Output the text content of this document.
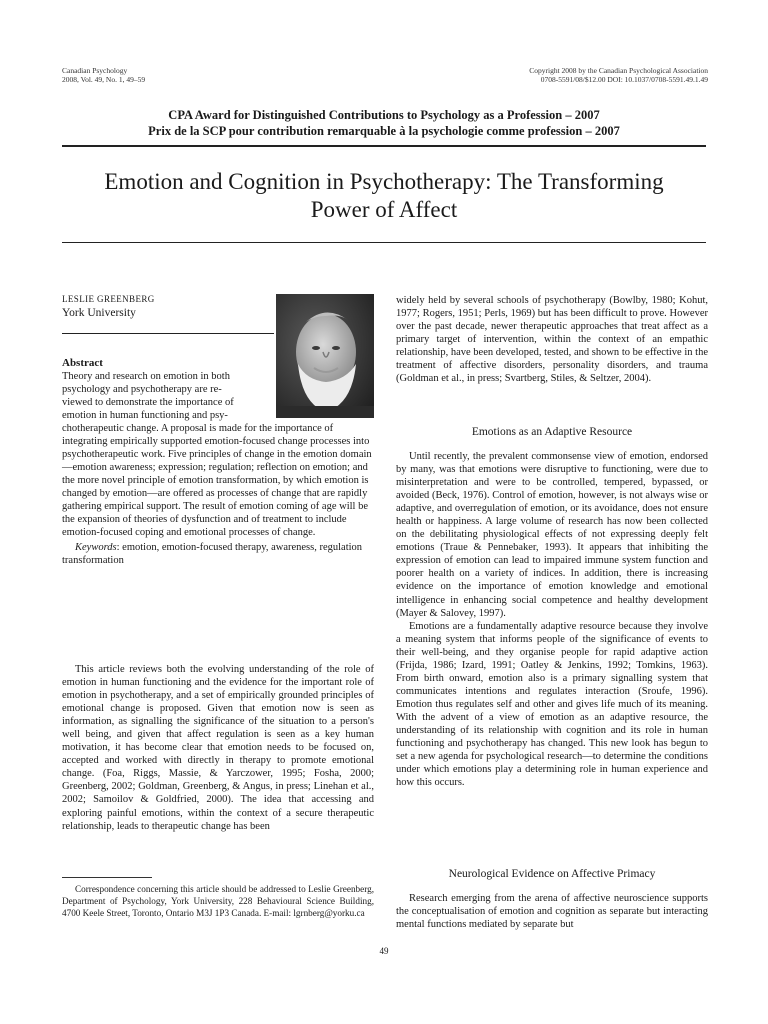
Canadian Psychology
2008, Vol. 49, No. 1, 49–59
Copyright 2008 by the Canadian Psychological Association
0708-5591/08/$12.00 DOI: 10.1037/0708-5591.49.1.49
CPA Award for Distinguished Contributions to Psychology as a Profession – 2007
Prix de la SCP pour contribution remarquable à la psychologie comme profession – 2007
Emotion and Cognition in Psychotherapy: The Transforming
Power of Affect
LESLIE GREENBERG
York University
Abstract
Theory and research on emotion in both
psychology and psychotherapy are re-
viewed to demonstrate the importance of
emotion in human functioning and psy-

chotherapeutic change. A proposal is made for the importance of integrating empirically supported emotion-focused change processes into psychotherapeutic work. Five principles of change in the emotion domain—emotion awareness; expression; regulation; reflection on emotion; and the more novel principle of emotion transformation, by which emotion is changed by emotion—are offered as processes of change that are rapidly gathering empirical support. The result of emotion coming of age will be the expansion of theories of dysfunction and of treatment to include emotion-focused coping and emotional processes of change.

Keywords: emotion, emotion-focused therapy, awareness, regulation transformation

This article reviews both the evolving understanding of the role of emotion in human functioning and the evidence for the important role of emotion in psychotherapy, and a set of empirically grounded principles of emotional change is proposed. Given that emotion now is seen as information, as signalling the significance of the situation to a person's well being, and given that affect regulation is seen as a key human motivation, it has become clear that emotion needs to be focused on, accepted and worked with directly in therapy to promote emotional change. (Foa, Riggs, Massie, & Yarczower, 1995; Fosha, 2000; Greenberg, 2002; Goldman, Greenberg, & Angus, in press; Linehan et al., 2002; Samoilov & Goldfried, 2000). The idea that accessing and exploring painful emotions, within the context of a secure therapeutic relationship, leads to therapeutic change has been

widely held by several schools of psychotherapy (Bowlby, 1980; Kohut, 1977; Rogers, 1951; Perls, 1969) but has been difficult to prove. However over the past decade, newer therapeutic approaches that treat affect as a primary target of intervention, within the context of an empathic relationship, have been developed, tested, and shown to be effective in the treatment of affective disorders, personality disorders, and trauma (Goldman et al., in press; Svartberg, Stiles, & Seltzer, 2004).

Emotions as an Adaptive Resource

Until recently, the prevalent commonsense view of emotion, endorsed by many, was that emotions were disruptive to functioning, were due to misinterpretation and were to be controlled, tempered, bypassed, or avoided (Beck, 1976). Control of emotion, however, is not always wise or adaptive, and overregulation of emotion, or its avoidance, does not ensure health or happiness. A large volume of research has now been collected on the debilitating physiological effects of not expressing deeply felt emotions (Traue & Pennebaker, 1993). It appears that inhibiting the expression of emotion can lead to impaired immune system function and poorer health on a variety of indices. In addition, there is increasing evidence on the importance of emotion knowledge and emotional intelligence in enhancing social competence and healthy development (Mayer & Salovey, 1997).

Emotions are a fundamentally adaptive resource because they involve a meaning system that informs people of the significance of events to their well-being, and they organise people for rapid adaptive action (Frijda, 1986; Izard, 1991; Oatley & Jenkins, 1992; Tomkins, 1963). From birth onward, emotion also is a primary signalling system that communicates intentions and regulates interaction (Sroufe, 1996). Emotion thus regulates self and other and gives life much of its meaning. With the advent of a view of emotion as an adaptive resource, the understanding of its relationship with cognition and its role in human functioning and psychotherapy has changed. This new look has begun to set a new agenda for psychological research—to determine the conditions under which emotions play a determining role in human experience and how this occurs.

Neurological Evidence on Affective Primacy

Research emerging from the arena of affective neuroscience supports the conceptualisation of emotion and cognition as separate but interacting mental functions mediated by separate but

Correspondence concerning this article should be addressed to Leslie Greenberg, Department of Psychology, York University, 228 Behavioural Science Building, 4700 Keele Street, Toronto, Ontario M3J 1P3 Canada. E-mail: lgrnberg@yorku.ca

49
